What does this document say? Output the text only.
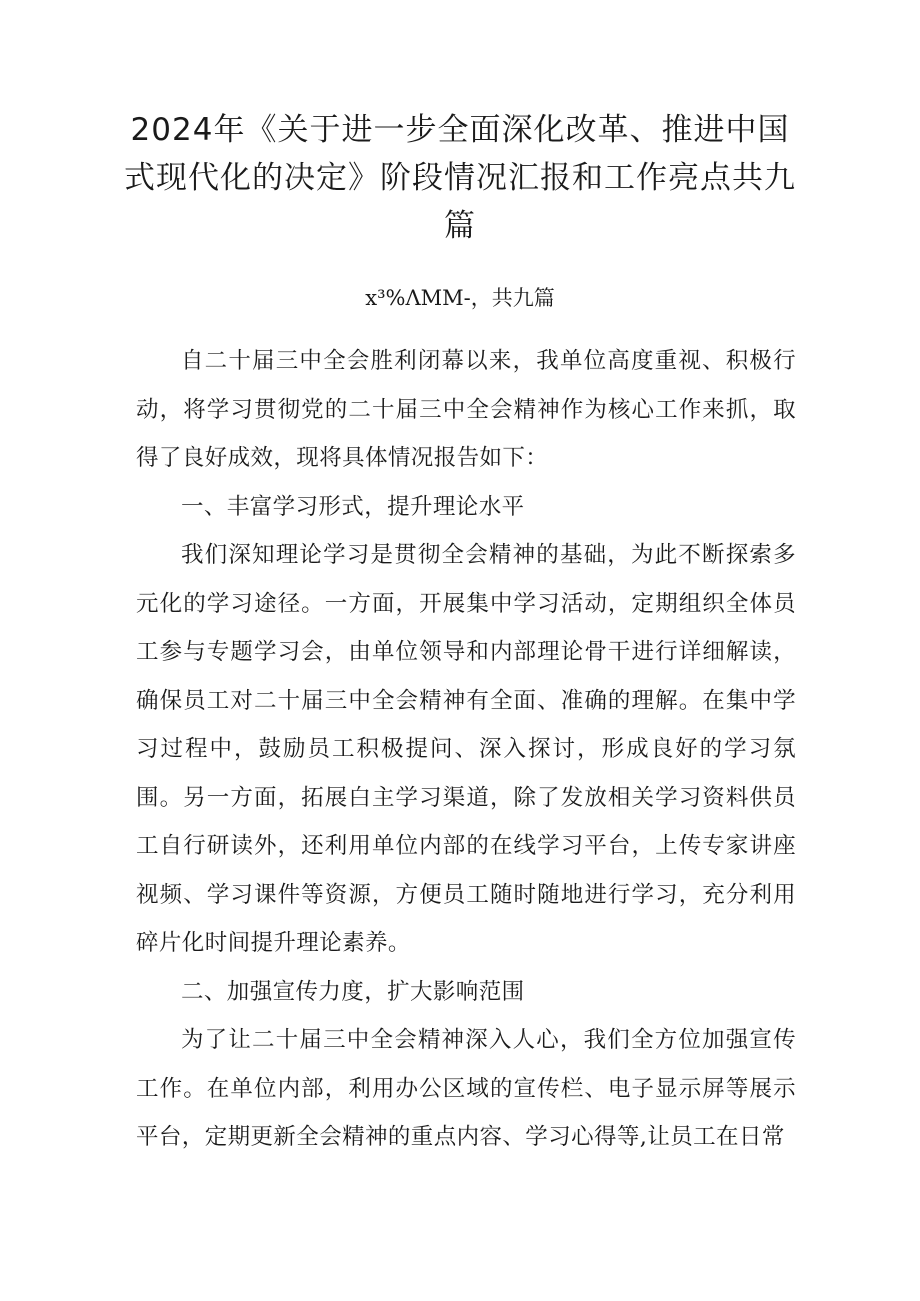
2024年《关于进一步全面深化改革、推进中国式现代化的决定》阶段情况汇报和工作亮点共九篇
x³%ΛMM-，共九篇

自二十届三中全会胜利闭幕以来，我单位高度重视、积极行动，将学习贯彻党的二十届三中全会精神作为核心工作来抓，取得了良好成效，现将具体情况报告如下：

一、丰富学习形式，提升理论水平

我们深知理论学习是贯彻全会精神的基础，为此不断探索多元化的学习途径。一方面，开展集中学习活动，定期组织全体员工参与专题学习会，由单位领导和内部理论骨干进行详细解读，确保员工对二十届三中全会精神有全面、准确的理解。在集中学习过程中，鼓励员工积极提问、深入探讨，形成良好的学习氛围。另一方面，拓展白主学习渠道，除了发放相关学习资料供员工自行研读外，还利用单位内部的在线学习平台，上传专家讲座视频、学习课件等资源，方便员工随时随地进行学习，充分利用碎片化时间提升理论素养。

二、加强宣传力度，扩大影响范围

为了让二十届三中全会精神深入人心，我们全方位加强宣传工作。在单位内部，利用办公区域的宣传栏、电子显示屏等展示平台，定期更新全会精神的重点内容、学习心得等,让员工在日常
